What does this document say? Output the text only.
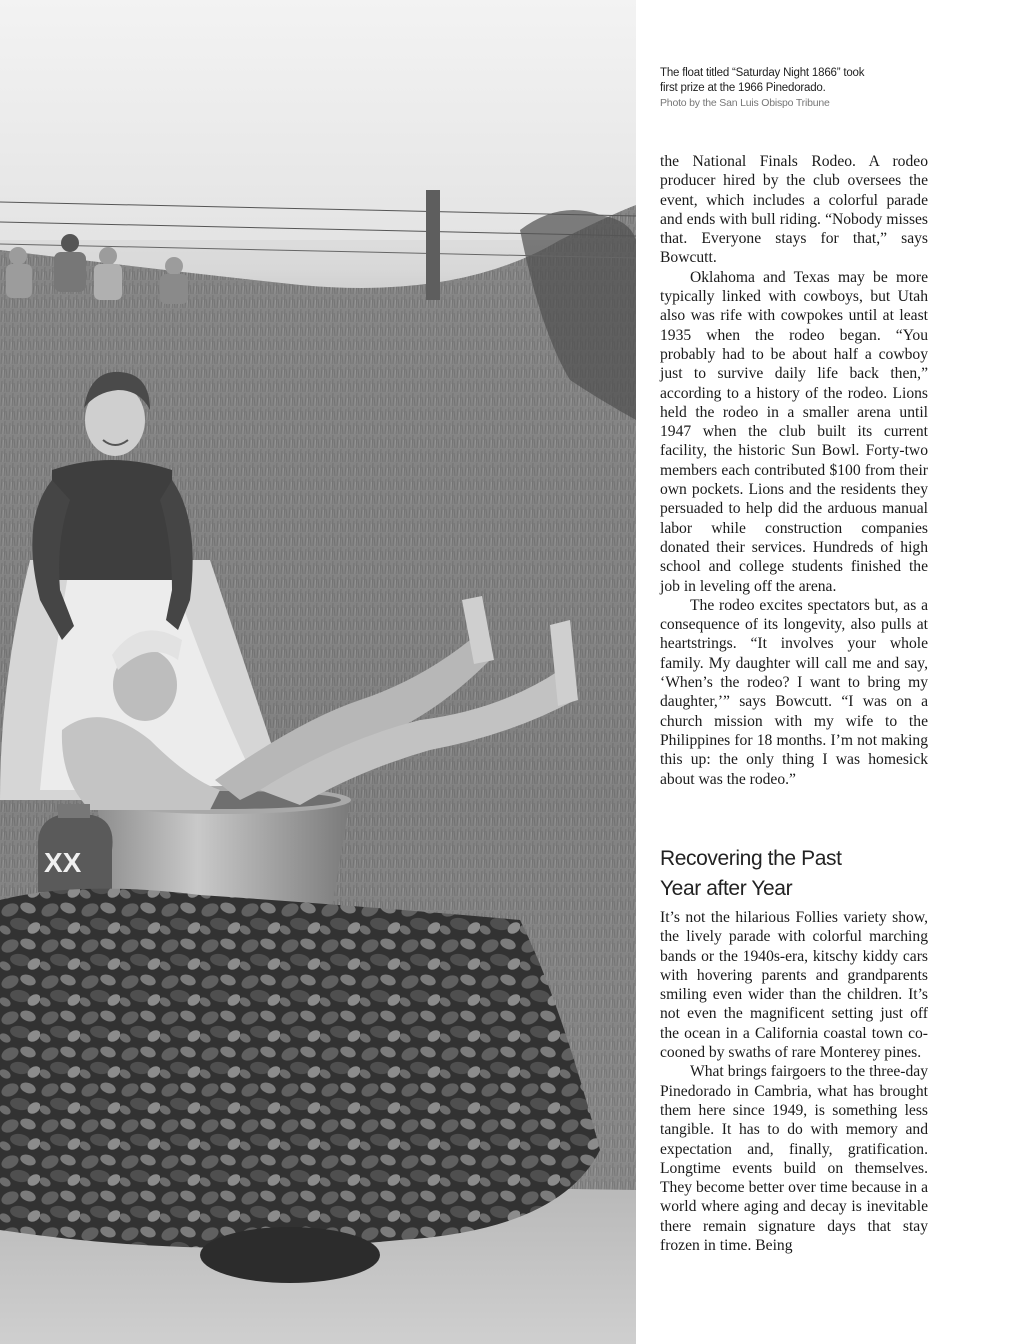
XX
The float titled “Saturday Night 1866” took
first prize at the 1966 Pinedorado.
Photo by the San Luis Obispo Tribune

the National Finals Rodeo. A rodeo producer hired by the club oversees the event, which includes a colorful parade and ends with bull riding. “Nobody misses that. Everyone stays for that,” says Bowcutt.

Oklahoma and Texas may be more typically linked with cowboys, but Utah also was rife with cowpokes until at least 1935 when the rodeo began. “You probably had to be about half a cowboy just to survive daily life back then,” according to a history of the rodeo. Lions held the rodeo in a smaller arena until 1947 when the club built its current facility, the historic Sun Bowl. Forty-two members each contributed $100 from their own pockets. Lions and the residents they persuaded to help did the arduous manual labor while construction companies donated their services. Hundreds of high school and college students finished the job in leveling off the arena.

The rodeo excites spectators but, as a consequence of its longevity, also pulls at heartstrings. “It involves your whole family. My daughter will call me and say, ‘When’s the rodeo? I want to bring my daughter,’” says Bowcutt. “I was on a church mission with my wife to the Philippines for 18 months. I’m not making this up: the only thing I was homesick about was the rodeo.”

Recovering the Past
Year after Year

It’s not the hilarious Follies variety show, the lively parade with colorful marching bands or the 1940s-era, kitschy kiddy cars with hovering parents and grandparents smiling even wider than the children. It’s not even the magnificent setting just off the ocean in a California coastal town cocooned by swaths of rare Monterey pines.

What brings fairgoers to the three-day Pinedorado in Cambria, what has brought them here since 1949, is something less tangible. It has to do with memory and expectation and, finally, gratification. Longtime events build on themselves. They become better over time because in a world where aging and decay is inevitable there remain signature days that stay frozen in time. Being
